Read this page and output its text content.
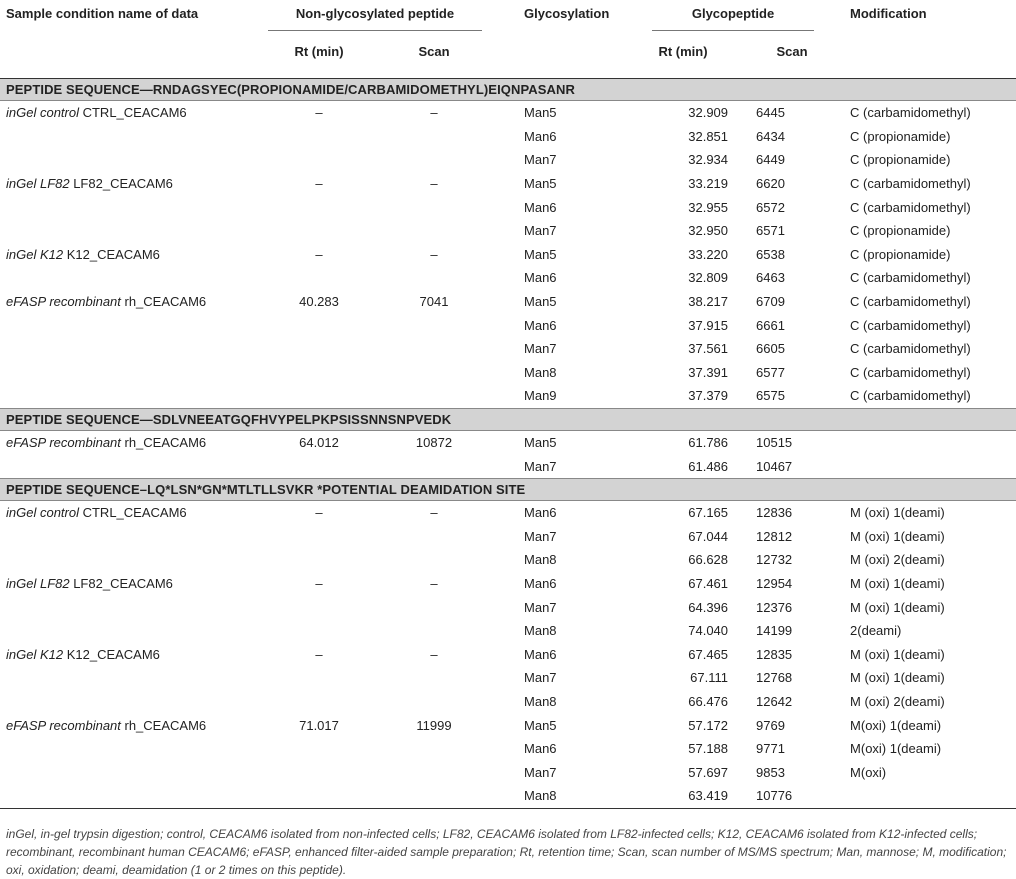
Sample condition name of data	Non-glycosylated peptide		Glycosylation	Glycopeptide		Modification
	Rt (min)	Scan		Rt (min)	Scan	

PEPTIDE SEQUENCE—RNDAGSYEC(PROPIONAMIDE/CARBAMIDOMETHYL)EIQNPASANR						
inGel control CTRL_CEACAM6	–	–	Man5	32.909	6445	C (carbamidomethyl)
			Man6	32.851	6434	C (propionamide)
			Man7	32.934	6449	C (propionamide)
inGel LF82 LF82_CEACAM6	–	–	Man5	33.219	6620	C (carbamidomethyl)
			Man6	32.955	6572	C (carbamidomethyl)
			Man7	32.950	6571	C (propionamide)
inGel K12 K12_CEACAM6	–	–	Man5	33.220	6538	C (propionamide)
			Man6	32.809	6463	C (carbamidomethyl)
eFASP recombinant rh_CEACAM6	40.283	7041	Man5	38.217	6709	C (carbamidomethyl)
			Man6	37.915	6661	C (carbamidomethyl)
			Man7	37.561	6605	C (carbamidomethyl)
			Man8	37.391	6577	C (carbamidomethyl)
			Man9	37.379	6575	C (carbamidomethyl)
PEPTIDE SEQUENCE—SDLVNEEATGQFHVYPELPKPSISSNNSNPVEDK						
eFASP recombinant rh_CEACAM6	64.012	10872	Man5	61.786	10515	
			Man7	61.486	10467	
PEPTIDE SEQUENCE–LQ*LSN*GN*MTLTLLSVKR *POTENTIAL DEAMIDATION SITE						
inGel control CTRL_CEACAM6	–	–	Man6	67.165	12836	M (oxi) 1(deami)
			Man7	67.044	12812	M (oxi) 1(deami)
			Man8	66.628	12732	M (oxi) 2(deami)
inGel LF82 LF82_CEACAM6	–	–	Man6	67.461	12954	M (oxi) 1(deami)
			Man7	64.396	12376	M (oxi) 1(deami)
			Man8	74.040	14199	2(deami)
inGel K12 K12_CEACAM6	–	–	Man6	67.465	12835	M (oxi) 1(deami)
			Man7	67.111	12768	M (oxi) 1(deami)
			Man8	66.476	12642	M (oxi) 2(deami)
eFASP recombinant rh_CEACAM6	71.017	11999	Man5	57.172	9769	M(oxi) 1(deami)
			Man6	57.188	9771	M(oxi) 1(deami)
			Man7	57.697	9853	M(oxi)
			Man8	63.419	10776	
inGel, in-gel trypsin digestion; control, CEACAM6 isolated from non-infected cells; LF82, CEACAM6 isolated from LF82-infected cells; K12, CEACAM6 isolated from K12-infected cells; recombinant, recombinant human CEACAM6; eFASP, enhanced filter-aided sample preparation; Rt, retention time; Scan, scan number of MS/MS spectrum; Man, mannose; M, modification; oxi, oxidation; deami, deamidation (1 or 2 times on this peptide).
